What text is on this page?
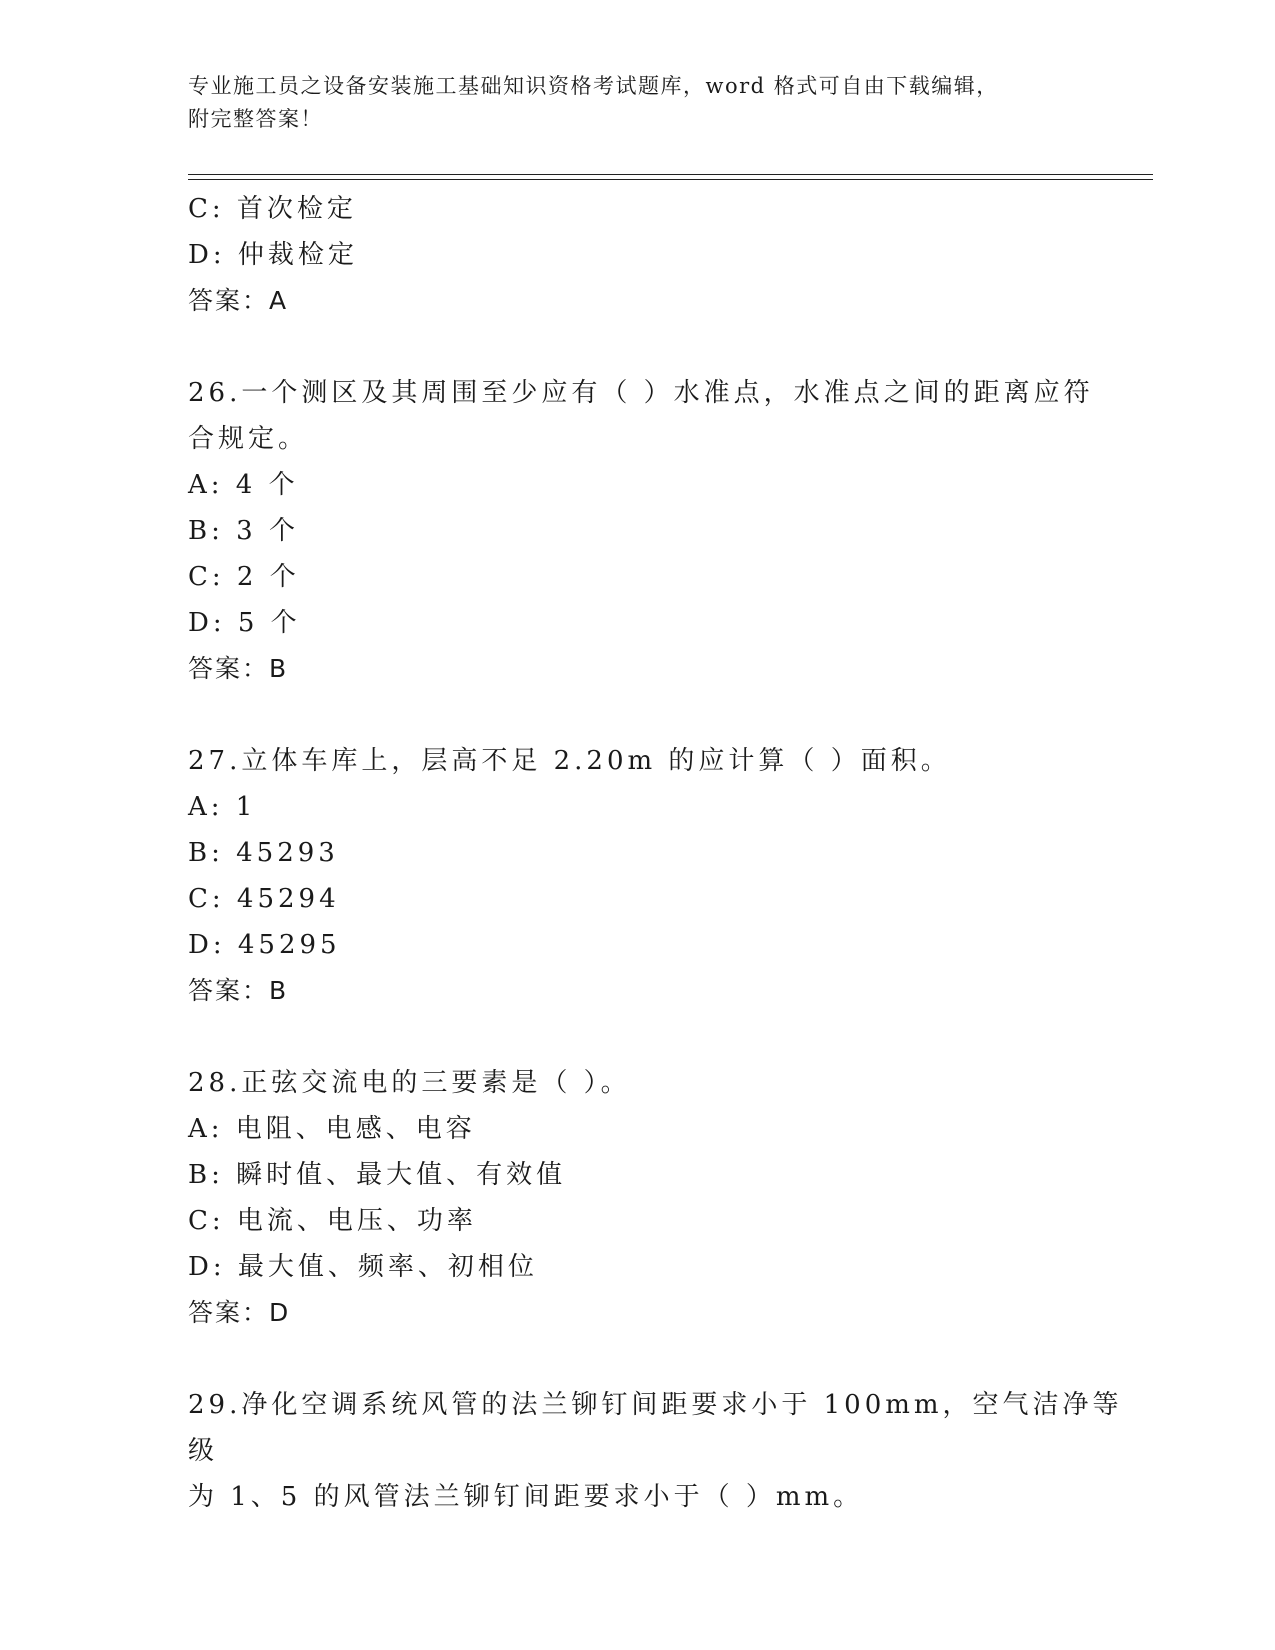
专业施工员之设备安装施工基础知识资格考试题库，word 格式可自由下载编辑，

附完整答案！

C: 首次检定

D: 仲裁检定

答案：A

26.一个测区及其周围至少应有（ ）水准点，水准点之间的距离应符

合规定。

A: 4 个

B: 3 个

C: 2 个

D: 5 个

答案：B

27.立体车库上，层高不足 2.20m 的应计算（ ）面积。

A: 1

B: 45293

C: 45294

D: 45295

答案：B

28.正弦交流电的三要素是（ ）。

A: 电阻、电感、电容

B: 瞬时值、最大值、有效值

C: 电流、电压、功率

D: 最大值、频率、初相位

答案：D

29.净化空调系统风管的法兰铆钉间距要求小于 100mm，空气洁净等级

为 1、5 的风管法兰铆钉间距要求小于（ ）mm。
